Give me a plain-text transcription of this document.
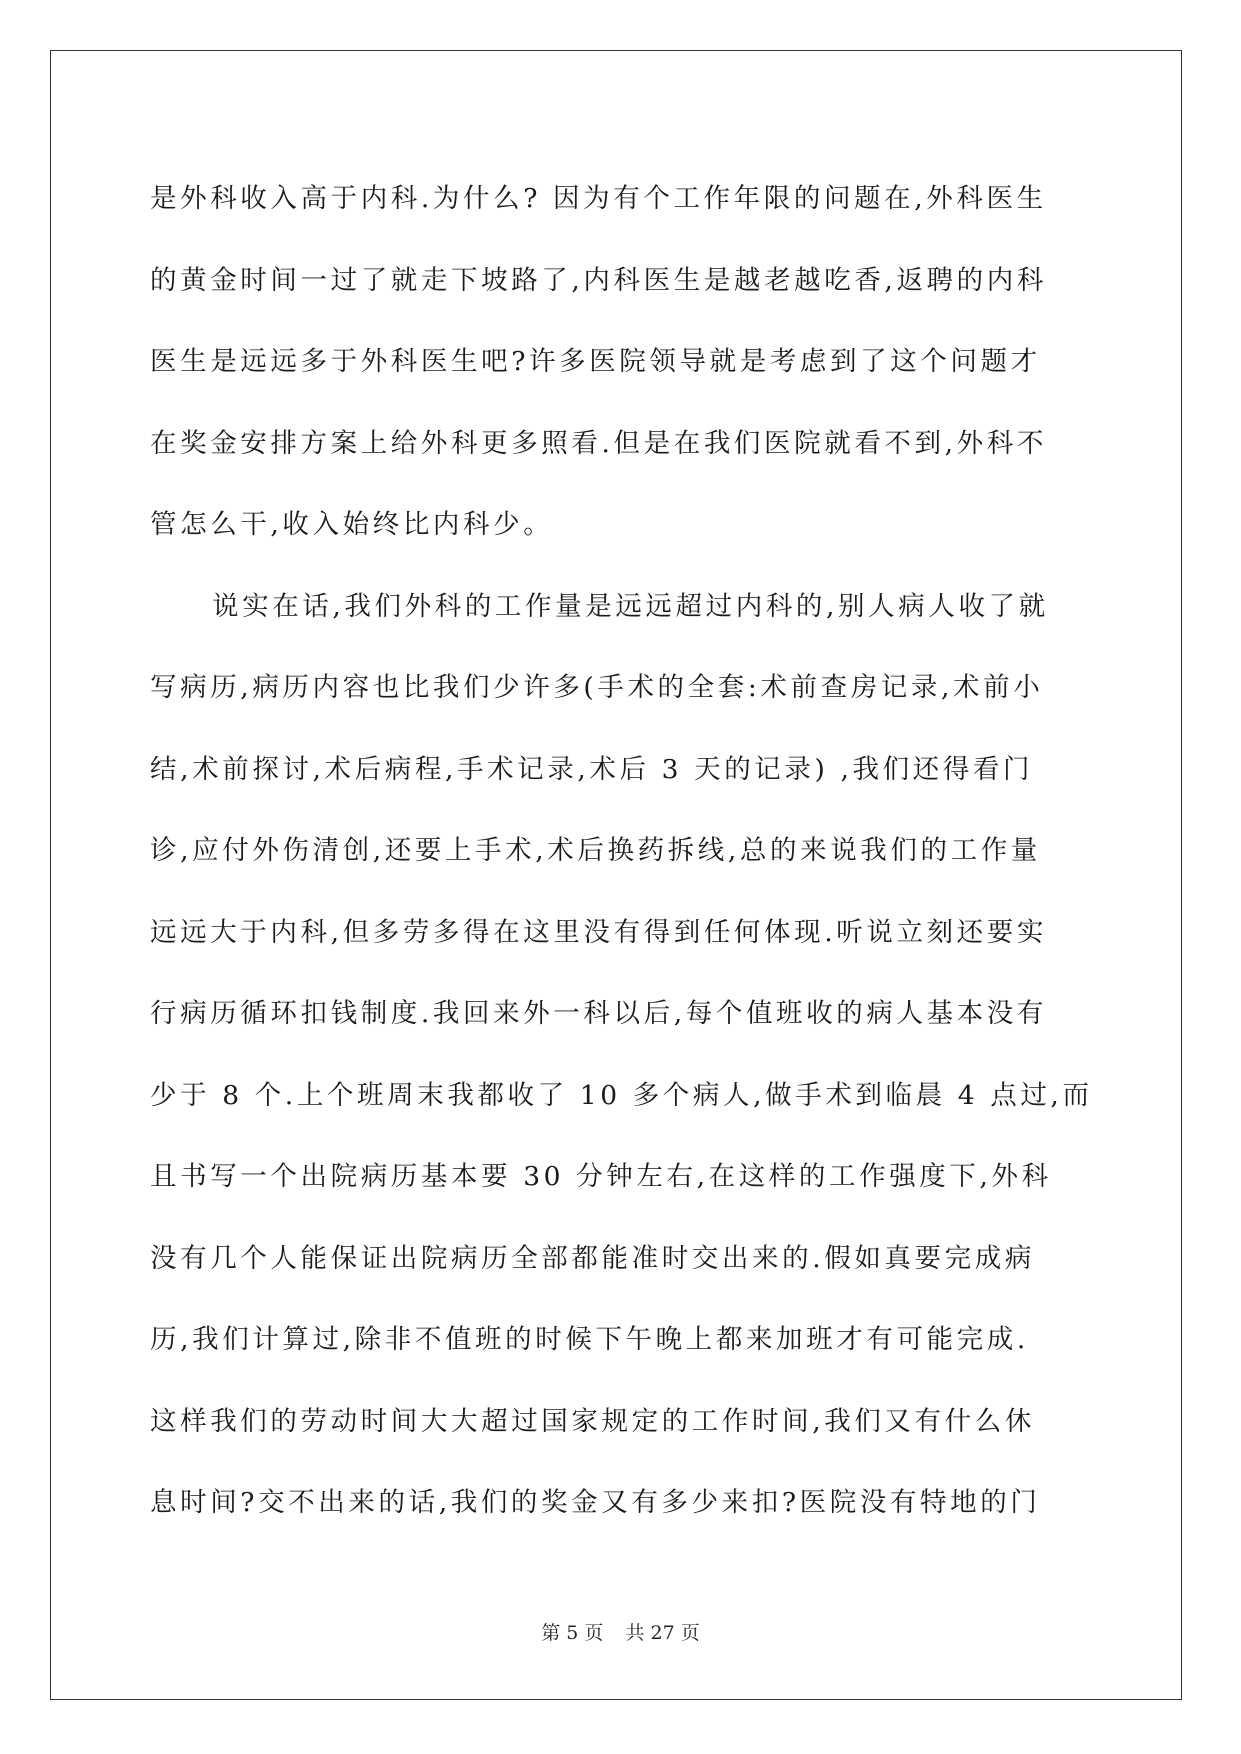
是外科收入高于内科.为什么? 因为有个工作年限的问题在,外科医生
的黄金时间一过了就走下坡路了,内科医生是越老越吃香,返聘的内科
医生是远远多于外科医生吧?许多医院领导就是考虑到了这个问题才
在奖金安排方案上给外科更多照看.但是在我们医院就看不到,外科不
管怎么干,收入始终比内科少。
说实在话,我们外科的工作量是远远超过内科的,别人病人收了就
写病历,病历内容也比我们少许多(手术的全套:术前查房记录,术前小
结,术前探讨,术后病程,手术记录,术后 3 天的记录) ,我们还得看门
诊,应付外伤清创,还要上手术,术后换药拆线,总的来说我们的工作量
远远大于内科,但多劳多得在这里没有得到任何体现.听说立刻还要实
行病历循环扣钱制度.我回来外一科以后,每个值班收的病人基本没有
少于 8 个.上个班周末我都收了 10 多个病人,做手术到临晨 4 点过,而
且书写一个出院病历基本要 30 分钟左右,在这样的工作强度下,外科
没有几个人能保证出院病历全部都能准时交出来的.假如真要完成病
历,我们计算过,除非不值班的时候下午晚上都来加班才有可能完成.
这样我们的劳动时间大大超过国家规定的工作时间,我们又有什么休
息时间?交不出来的话,我们的奖金又有多少来扣?医院没有特地的门
第 5 页 共 27 页
